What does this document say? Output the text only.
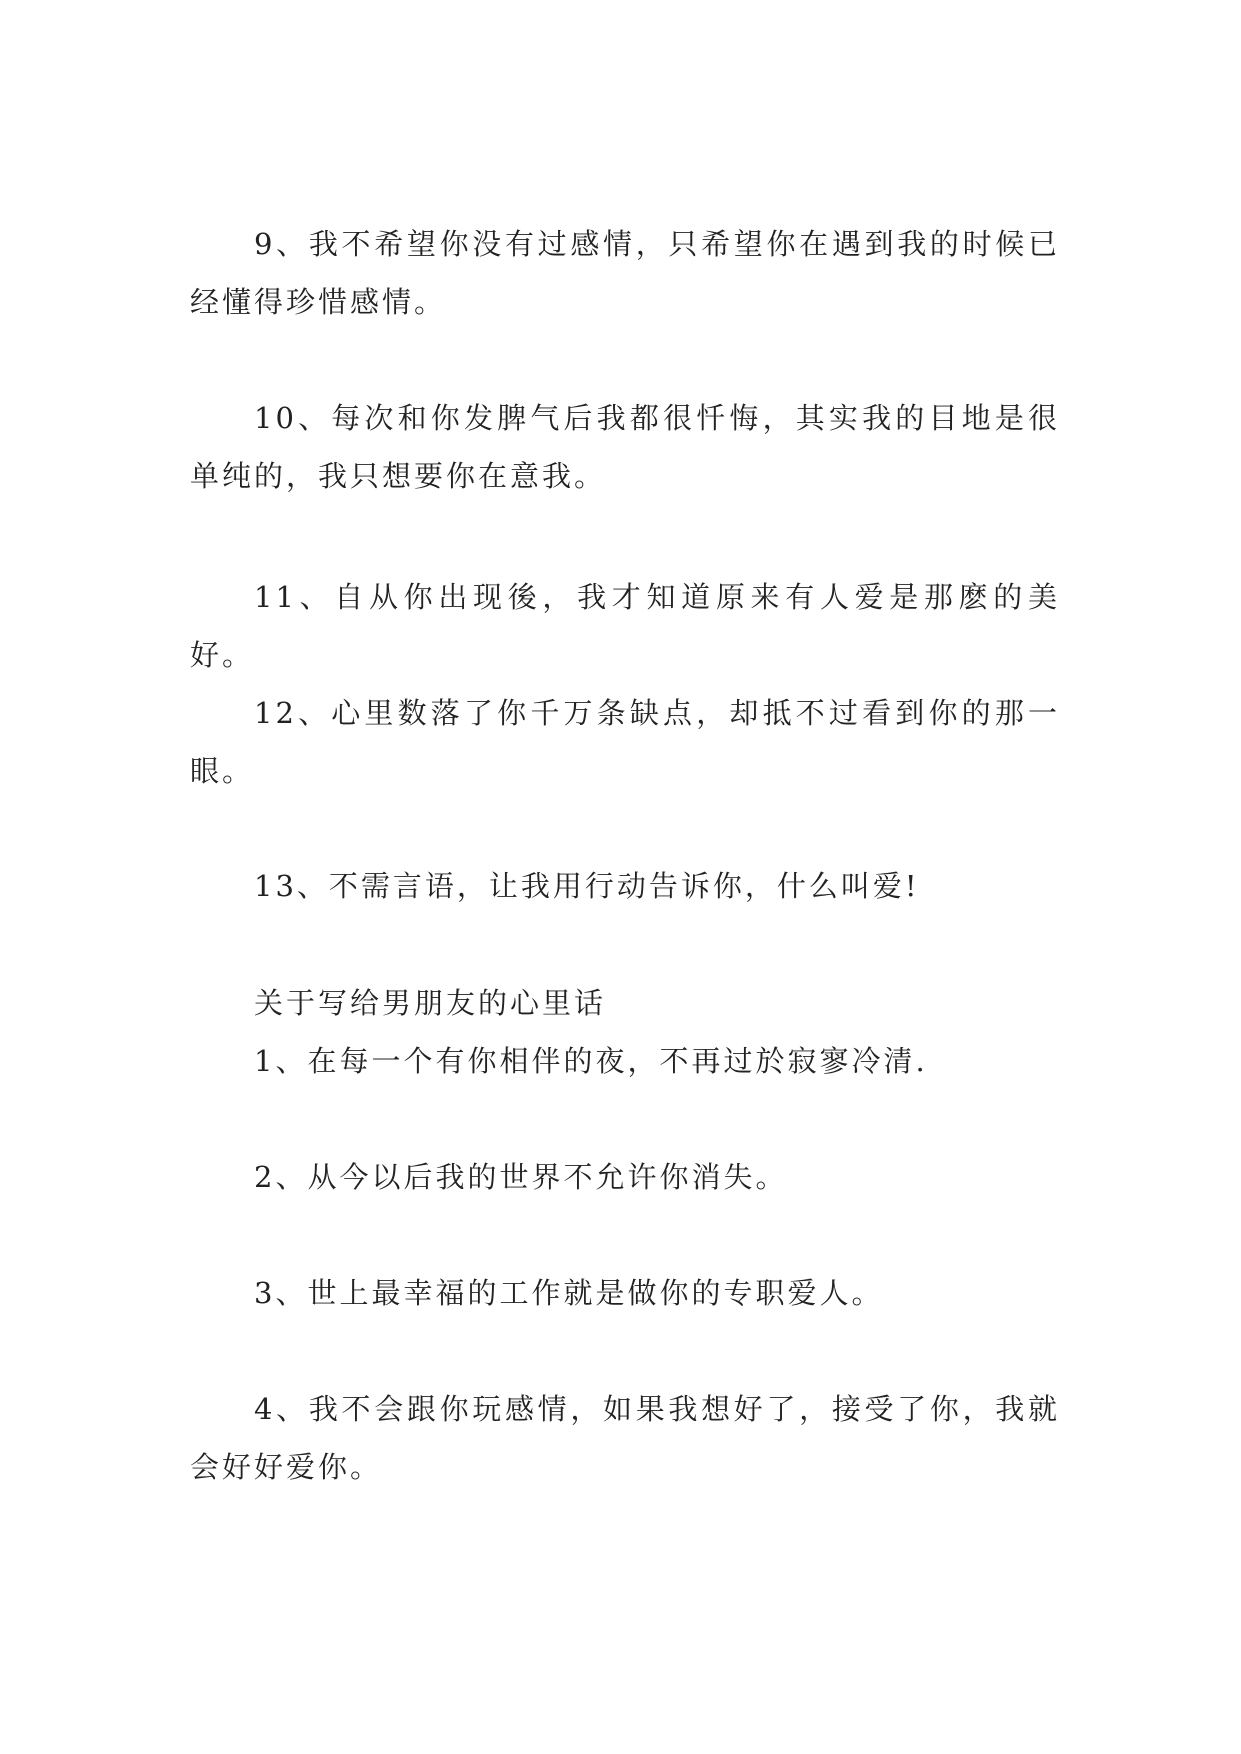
9、我不希望你没有过感情，只希望你在遇到我的时候已经懂得珍惜感情。

10、每次和你发脾气后我都很忏悔，其实我的目地是很单纯的，我只想要你在意我。

11、自从你出现後，我才知道原来有人爱是那麽的美好。

12、心里数落了你千万条缺点，却抵不过看到你的那一眼。

13、不需言语，让我用行动告诉你，什么叫爱!

关于写给男朋友的心里话

1、在每一个有你相伴的夜，不再过於寂寥冷清.

2、从今以后我的世界不允许你消失。

3、世上最幸福的工作就是做你的专职爱人。

4、我不会跟你玩感情，如果我想好了，接受了你，我就会好好爱你。
